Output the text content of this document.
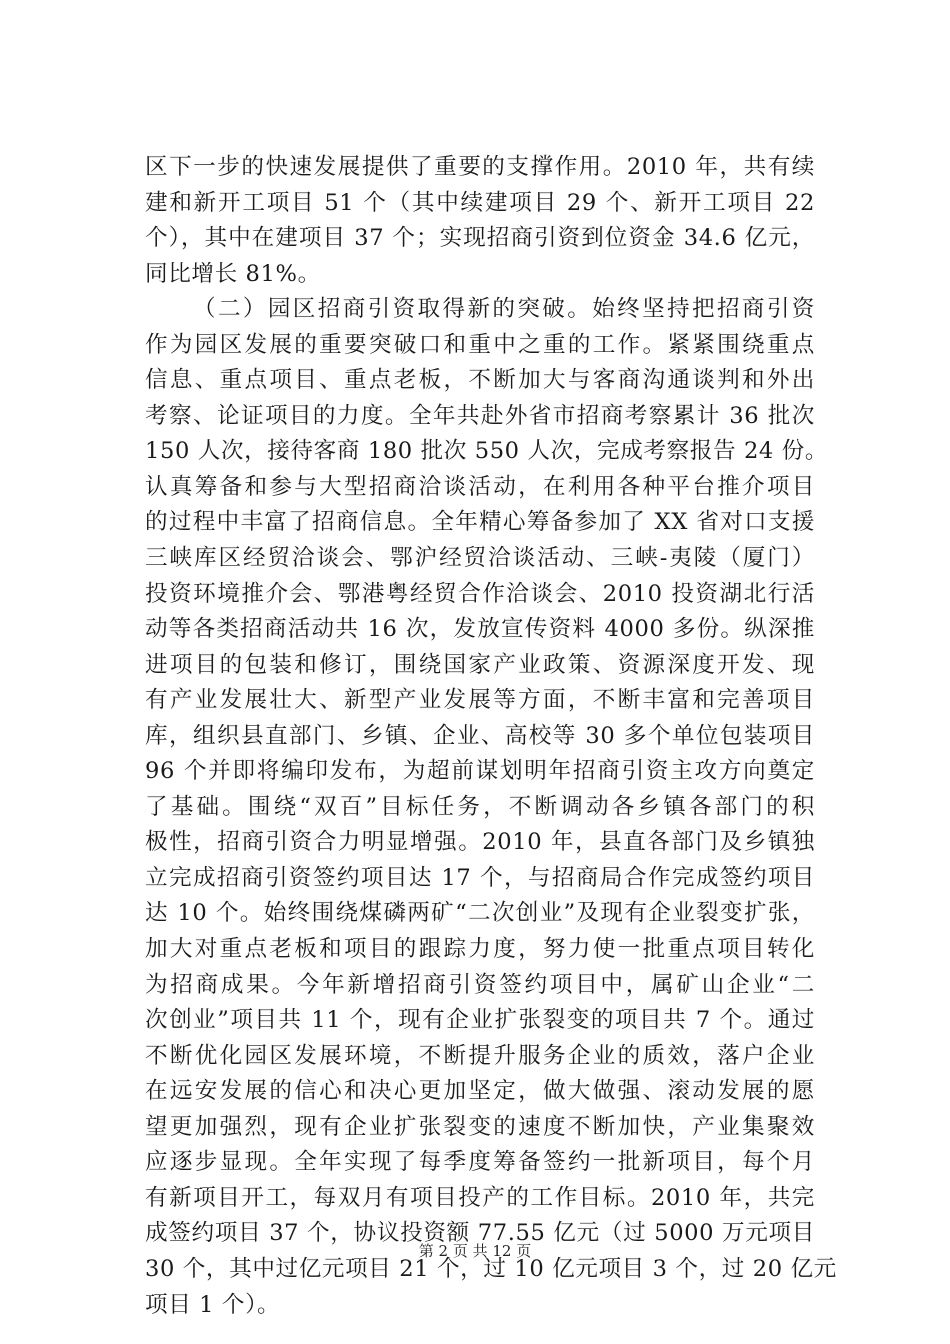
区下一步的快速发展提供了重要的支撑作用。2010 年，共有续
建和新开工项目 51 个（其中续建项目 29 个、新开工项目 22
个），其中在建项目 37 个；实现招商引资到位资金 34.6 亿元，
同比增长 81%。
（二）园区招商引资取得新的突破。始终坚持把招商引资
作为园区发展的重要突破口和重中之重的工作。紧紧围绕重点
信息、重点项目、重点老板，不断加大与客商沟通谈判和外出
考察、论证项目的力度。全年共赴外省市招商考察累计 36 批次
150 人次，接待客商 180 批次 550 人次，完成考察报告 24 份。
认真筹备和参与大型招商洽谈活动，在利用各种平台推介项目
的过程中丰富了招商信息。全年精心筹备参加了 XX 省对口支援
三峡库区经贸洽谈会、鄂沪经贸洽谈活动、三峡-夷陵（厦门）
投资环境推介会、鄂港粤经贸合作洽谈会、2010 投资湖北行活
动等各类招商活动共 16 次，发放宣传资料 4000 多份。纵深推
进项目的包装和修订，围绕国家产业政策、资源深度开发、现
有产业发展壮大、新型产业发展等方面，不断丰富和完善项目
库，组织县直部门、乡镇、企业、高校等 30 多个单位包装项目
96 个并即将编印发布，为超前谋划明年招商引资主攻方向奠定
了基础。围绕“双百”目标任务，不断调动各乡镇各部门的积
极性，招商引资合力明显增强。2010 年，县直各部门及乡镇独
立完成招商引资签约项目达 17 个，与招商局合作完成签约项目
达 10 个。始终围绕煤磷两矿“二次创业”及现有企业裂变扩张，
加大对重点老板和项目的跟踪力度，努力使一批重点项目转化
为招商成果。今年新增招商引资签约项目中，属矿山企业“二
次创业”项目共 11 个，现有企业扩张裂变的项目共 7 个。通过
不断优化园区发展环境，不断提升服务企业的质效，落户企业
在远安发展的信心和决心更加坚定，做大做强、滚动发展的愿
望更加强烈，现有企业扩张裂变的速度不断加快，产业集聚效
应逐步显现。全年实现了每季度筹备签约一批新项目，每个月
有新项目开工，每双月有项目投产的工作目标。2010 年，共完
成签约项目 37 个，协议投资额 77.55 亿元（过 5000 万元项目
30 个，其中过亿元项目 21 个，过 10 亿元项目 3 个，过 20 亿元
项目 1 个）。
第 2 页 共 12 页
